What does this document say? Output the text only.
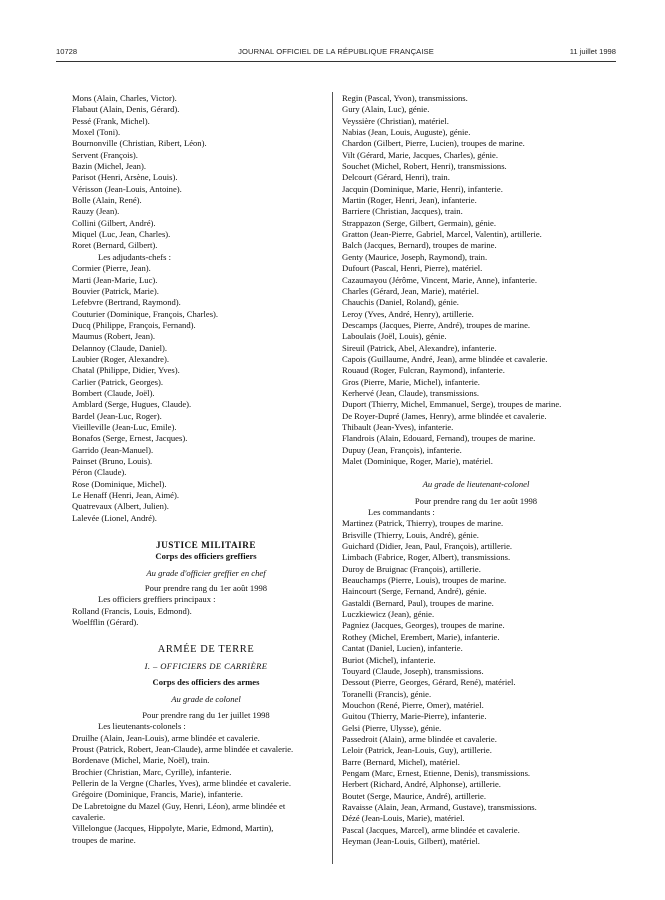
10728	JOURNAL OFFICIEL DE LA RÉPUBLIQUE FRANÇAISE	11 juillet 1998
Mons (Alain, Charles, Victor).
Flabaut (Alain, Denis, Gérard).
Pessé (Frank, Michel).
Moxel (Toni).
Bournonville (Christian, Ribert, Léon).
Servent (François).
Bazin (Michel, Jean).
Parisot (Henri, Arsène, Louis).
Vérisson (Jean-Louis, Antoine).
Bolle (Alain, René).
Rauzy (Jean).
Collini (Gilbert, André).
Miquel (Luc, Jean, Charles).
Roret (Bernard, Gilbert).
Les adjudants-chefs :
Cormier (Pierre, Jean).
Marti (Jean-Marie, Luc).
Bouvier (Patrick, Marie).
Lefebvre (Bertrand, Raymond).
Couturier (Dominique, François, Charles).
Ducq (Philippe, François, Fernand).
Maumus (Robert, Jean).
Delannoy (Claude, Daniel).
Laubier (Roger, Alexandre).
Chatal (Philippe, Didier, Yves).
Carlier (Patrick, Georges).
Bombert (Claude, Joël).
Amblard (Serge, Hugues, Claude).
Bardel (Jean-Luc, Roger).
Vieilleville (Jean-Luc, Emile).
Bonafos (Serge, Ernest, Jacques).
Garrido (Jean-Manuel).
Painset (Bruno, Louis).
Péron (Claude).
Rose (Dominique, Michel).
Le Henaff (Henri, Jean, Aimé).
Quatrevaux (Albert, Julien).
Lalevée (Lionel, André).
JUSTICE MILITAIRE
Corps des officiers greffiers
Au grade d'officier greffier en chef
Pour prendre rang du 1er août 1998
Les officiers greffiers principaux :
Rolland (Francis, Louis, Edmond).
Woelfflin (Gérard).
ARMÉE DE TERRE
I. – OFFICIERS DE CARRIÈRE
Corps des officiers des armes
Au grade de colonel
Pour prendre rang du 1er juillet 1998
Les lieutenants-colonels :
Druilhe (Alain, Jean-Louis), arme blindée et cavalerie.
Proust (Patrick, Robert, Jean-Claude), arme blindée et cavalerie.
Bordenave (Michel, Marie, Noël), train.
Brochier (Christian, Marc, Cyrille), infanterie.
Pellerin de la Vergne (Charles, Yves), arme blindée et cavalerie.
Grégoire (Dominique, Francis, Marie), infanterie.
De Labretoigne du Mazel (Guy, Henri, Léon), arme blindée et
cavalerie.
Villelongue (Jacques, Hippolyte, Marie, Edmond, Martin),
troupes de marine.
Regin (Pascal, Yvon), transmissions.
Gury (Alain, Luc), génie.
Veyssière (Christian), matériel.
Nabias (Jean, Louis, Auguste), génie.
Chardon (Gilbert, Pierre, Lucien), troupes de marine.
Vilt (Gérard, Marie, Jacques, Charles), génie.
Souchet (Michel, Robert, Henri), transmissions.
Delcourt (Gérard, Henri), train.
Jacquin (Dominique, Marie, Henri), infanterie.
Martin (Roger, Henri, Jean), infanterie.
Barriere (Christian, Jacques), train.
Strappazon (Serge, Gilbert, Germain), génie.
Gratton (Jean-Pierre, Gabriel, Marcel, Valentin), artillerie.
Balch (Jacques, Bernard), troupes de marine.
Genty (Maurice, Joseph, Raymond), train.
Dufourt (Pascal, Henri, Pierre), matériel.
Cazaumayou (Jérôme, Vincent, Marie, Anne), infanterie.
Charles (Gérard, Jean, Marie), matériel.
Chauchis (Daniel, Roland), génie.
Leroy (Yves, André, Henry), artillerie.
Descamps (Jacques, Pierre, André), troupes de marine.
Laboulais (Joël, Louis), génie.
Sireuil (Patrick, Abel, Alexandre), infanterie.
Capois (Guillaume, André, Jean), arme blindée et cavalerie.
Rouaud (Roger, Fulcran, Raymond), infanterie.
Gros (Pierre, Marie, Michel), infanterie.
Kerhervé (Jean, Claude), transmissions.
Duport (Thierry, Michel, Emmanuel, Serge), troupes de marine.
De Royer-Dupré (James, Henry), arme blindée et cavalerie.
Thibault (Jean-Yves), infanterie.
Flandrois (Alain, Edouard, Fernand), troupes de marine.
Dupuy (Jean, François), infanterie.
Malet (Dominique, Roger, Marie), matériel.
Au grade de lieutenant-colonel
Pour prendre rang du 1er août 1998
Les commandants :
Martinez (Patrick, Thierry), troupes de marine.
Brisville (Thierry, Louis, André), génie.
Guichard (Didier, Jean, Paul, François), artillerie.
Limbach (Fabrice, Roger, Albert), transmissions.
Duroy de Bruignac (François), artillerie.
Beauchamps (Pierre, Louis), troupes de marine.
Haincourt (Serge, Fernand, André), génie.
Gastaldi (Bernard, Paul), troupes de marine.
Luczkiewicz (Jean), génie.
Pagniez (Jacques, Georges), troupes de marine.
Rothey (Michel, Erembert, Marie), infanterie.
Cantat (Daniel, Lucien), infanterie.
Buriot (Michel), infanterie.
Touyard (Claude, Joseph), transmissions.
Dessout (Pierre, Georges, Gérard, René), matériel.
Toranelli (Francis), génie.
Mouchon (René, Pierre, Omer), matériel.
Guitou (Thierry, Marie-Pierre), infanterie.
Gelsi (Pierre, Ulysse), génie.
Passedroit (Alain), arme blindée et cavalerie.
Leloir (Patrick, Jean-Louis, Guy), artillerie.
Barre (Bernard, Michel), matériel.
Pengam (Marc, Ernest, Etienne, Denis), transmissions.
Herbert (Richard, André, Alphonse), artillerie.
Boutet (Serge, Maurice, André), artillerie.
Ravaisse (Alain, Jean, Armand, Gustave), transmissions.
Dézé (Jean-Louis, Marie), matériel.
Pascal (Jacques, Marcel), arme blindée et cavalerie.
Heyman (Jean-Louis, Gilbert), matériel.
